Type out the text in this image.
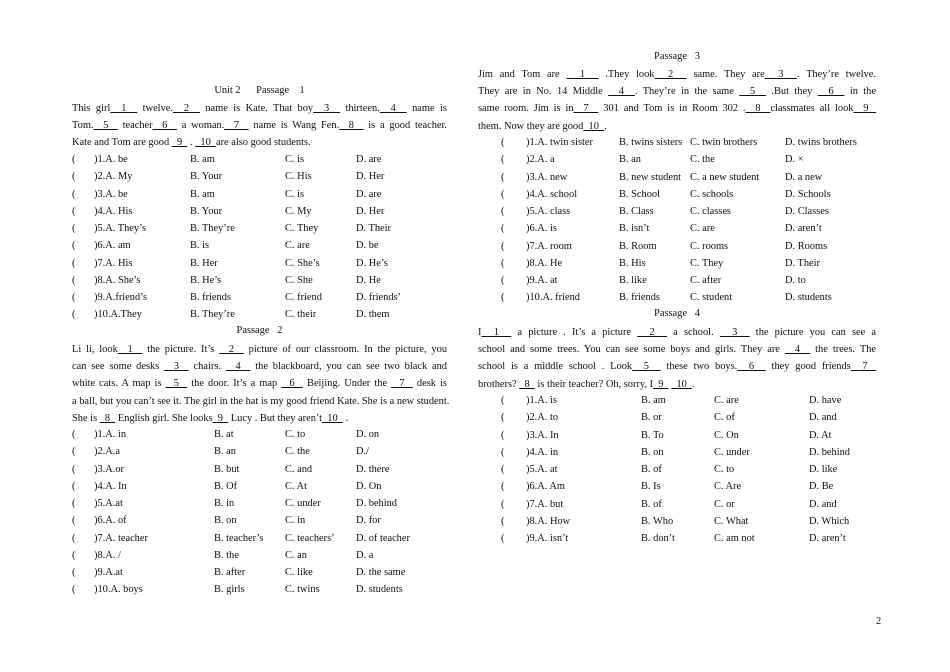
Unit 2      Passage    1
This girl  1   twelve.  2   name is Kate. That boy  3   thirteen.  4   name is
Tom.  5   teacher  6   a woman.  7   name is Wang Fen.  8   is a good teacher.
Kate and Tom are good   9   .   10  are also good students.
( )1.A. be	B. am	C. is	D. are
( )2.A. My	B. Your	C. His	D. Her
( )3.A. be	B. am	C. is	D. are
( )4.A. His	B. Your	C. My	D. Her
( )5.A. They’s	B. They’re	C. They	D. Their
( )6.A. am	B. is	C. are	D. be
( )7.A. His	B. Her	C. She’s	D. He’s
( )8.A. She’s	B. He’s	C. She	D. He
( )9.A.friend’s	B. friends	C. friend	D. friends’
( )10.A.They	B. They’re	C. their	D. them
Passage   2
Li li, look  1   the picture. It’s   2   picture of our classroom. In the picture, you
can see some desks   3   chairs.   4   the blackboard, you can see two black and
white cats. A map is   5   the door. It’s a map   6   Beijing. Under the   7   desk is
a ball, but you can’t see it. The girl in the hat is my good friend Kate. She is a new student.
She is   8   English girl. She looks  9   Lucy . But they aren’t  10   .
( )1.A. in	B. at	C. to	D. on
( )2.A.a	B. an	C. the	D./
( )3.A.or	B. but	C. and	D. there
( )4.A. In	B. Of	C. At	D. On
( )5.A.at	B. in	C. under	D. behind
( )6.A. of	B. on	C. in	D. for
( )7.A. teacher	B. teacher’s C. teachers’ D. of teacher
( )8.A. /	B. the	C. an	D. a
( )9.A.at	B. after	C. like	D. the same
( )10.A. boys	B. girls	C. twins	D. students
Passage   3
Jim and Tom are   1   .They look  2   same. They are  3  . They’re twelve.
They are in No. 14 Middle   4  . They’re in the same   5   .But they   6   in the
same room. Jim is in  7   301 and Tom is in Room 302 .  8  classmates all look  9
them. Now they are good  10  .
( )1.A. twin sister	B. twins sisters C. twin brothers	D. twins brothers
( )2.A. a	B. an	C. the	D. ×
( )3.A. new	B. new student C. a new student D. a new
( )4.A. school	B. School	C. schools	D. Schools
( )5.A. class	B. Class	C. classes	D. Classes
( )6.A. is	B. isn’t	C. are	D. aren’t
( )7.A. room	B. Room	C. rooms	D. Rooms
( )8.A. He	B. His	C. They	D. Their
( )9.A. at	B. like	C. after	D. to
( )10.A. friend	B. friends	C. student	D. students
Passage   4
I  1   a picture . It’s a picture   2   a school.   3   the picture you can see a
school and some trees. You can see some boys and girls. They are   4   the trees. The
school is a middle school . Look  5   these two boys.  6   they good friends  7
brothers?   8   is their teacher? Oh, sorry, I  9     10  .
( )1.A. is	B. am	C. are	D. have
( )2.A. to	B. or	C. of	D. and
( )3.A. In	B. To	C. On	D. At
( )4.A. in	B. on	C. under	D. behind
( )5.A. at	B. of	C. to	D. like
( )6.A. Am	B. Is	C. Are	D. Be
( )7.A. but	B. of	C. or	D. and
( )8.A. How	B. Who	C. What	D. Which
( )9.A. isn’t	B. don’t	C. am not	D. aren’t
2
